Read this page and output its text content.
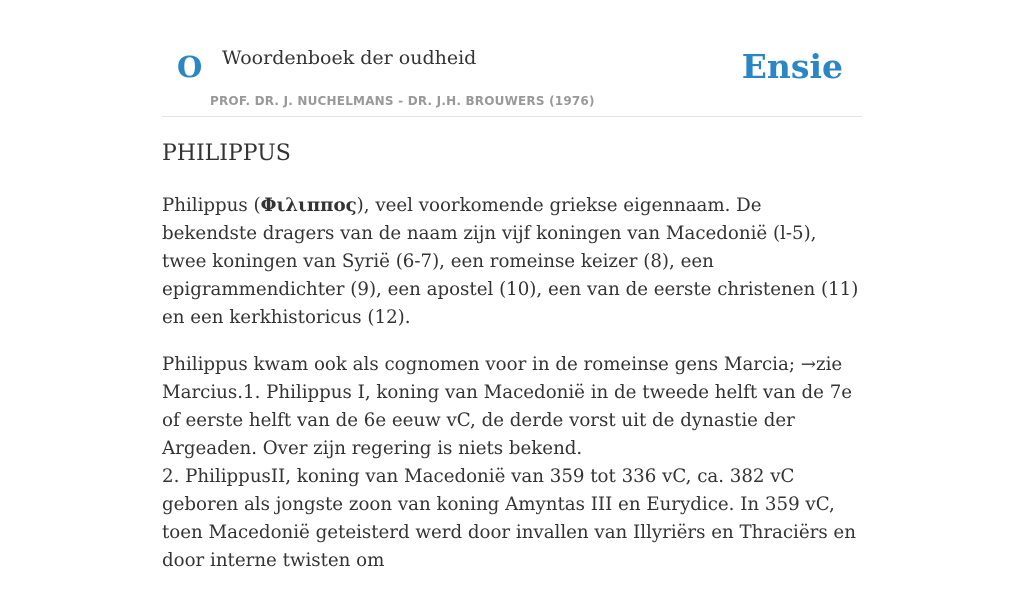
O Woordenboek der oudheid
PROF. DR. J. NUCHELMANS - DR. J.H. BROUWERS (1976)
Ensie
PHILIPPUS

Philippus (Φιλιππος), veel voorkomende griekse eigennaam. De bekendste dragers van de naam zijn vijf koningen van Macedonië (l-5), twee koningen van Syrië (6-7), een romeinse keizer (8), een epigrammendichter (9), een apostel (10), een van de eerste christenen (11) en een kerkhistoricus (12).

Philippus kwam ook als cognomen voor in de romeinse gens Marcia; →zie Marcius.1. Philippus I, koning van Macedonië in de tweede helft van de 7e of eerste helft van de 6e eeuw vC, de derde vorst uit de dynastie der Argeaden. Over zijn regering is niets bekend.
2. PhilippusII, koning van Macedonië van 359 tot 336 vC, ca. 382 vC geboren als jongste zoon van koning Amyntas III en Eurydice. In 359 vC, toen Macedonië geteisterd werd door invallen van Illyriërs en Thraciërs en door interne twisten om
